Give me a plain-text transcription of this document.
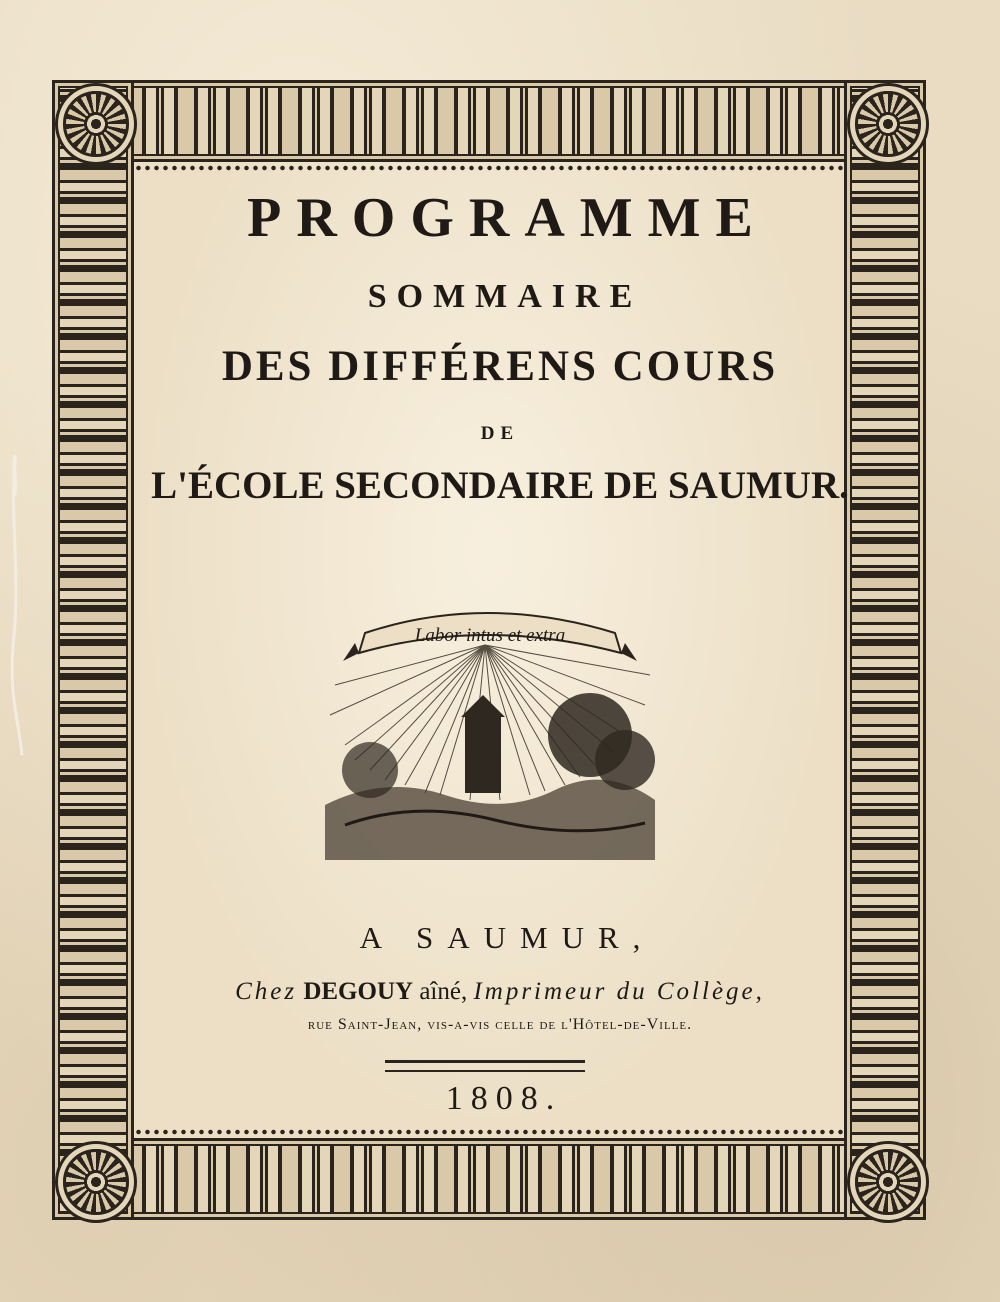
PROGRAMME
SOMMAIRE
DES DIFFÉRENS COURS
DE
L'ÉCOLE SECONDAIRE DE SAUMUR.
Labor intus et extra
A SAUMUR,
Chez DEGOUY aîné, Imprimeur du Collège,
rue Saint-Jean, vis-a-vis celle de l'Hôtel-de-Ville.
1808.
